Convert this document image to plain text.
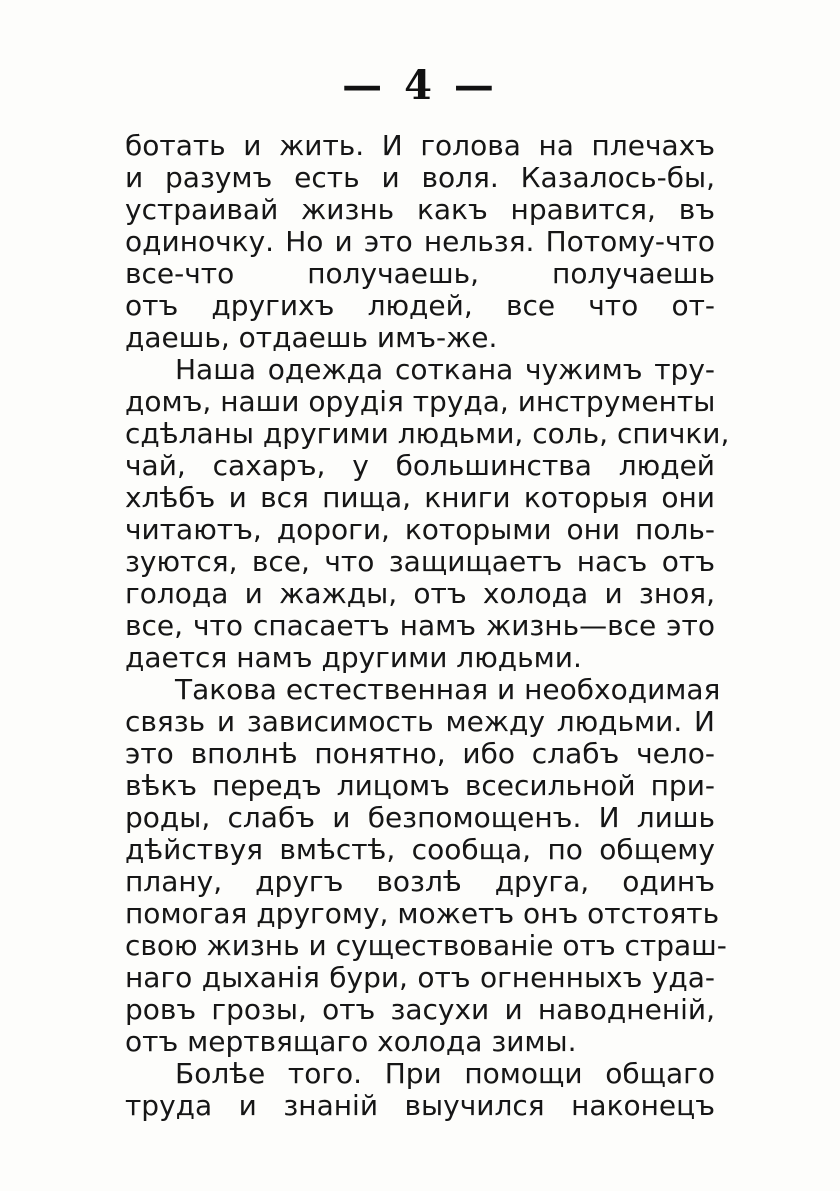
— 4 —
ботать и жить. И голова на плечахъ
и разумъ есть и воля. Казалось-бы,
устраивай жизнь какъ нравится, въ
одиночку. Но и это нельзя. Потому-что
все-что получаешь, получаешь
отъ другихъ людей, все что от-
даешь, отдаешь имъ-же.
Наша одежда соткана чужимъ тру-
домъ, наши орудія труда, инструменты
сдѣланы другими людьми, соль, спички,
чай, сахаръ, у большинства людей
хлѣбъ и вся пища, книги которыя они
читаютъ, дороги, которыми они поль-
зуются, все, что защищаетъ насъ отъ
голода и жажды, отъ холода и зноя,
все, что спасаетъ намъ жизнь—все это
дается намъ другими людьми.
Такова естественная и необходимая
связь и зависимость между людьми. И
это вполнѣ понятно, ибо слабъ чело-
вѣкъ передъ лицомъ всесильной при-
роды, слабъ и безпомощенъ. И лишь
дѣйствуя вмѣстѣ, сообща, по общему
плану, другъ возлѣ друга, одинъ
помогая другому, можетъ онъ отстоять
свою жизнь и существованіе отъ страш-
наго дыханія бури, отъ огненныхъ уда-
ровъ грозы, отъ засухи и наводненій,
отъ мертвящаго холода зимы.
Болѣе того. При помощи общаго
труда и знаній выучился наконецъ
